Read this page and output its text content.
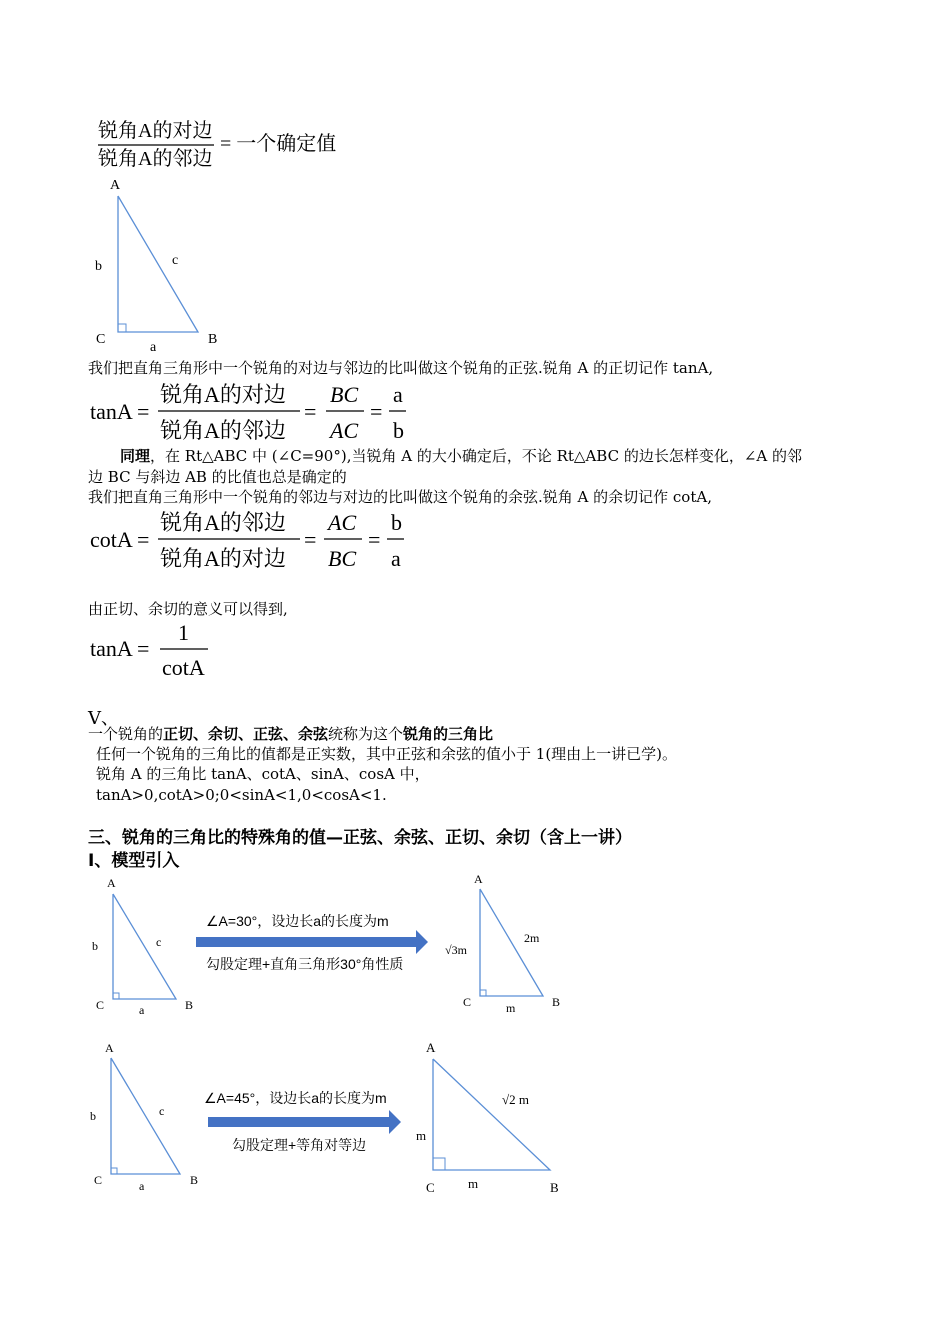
锐角A的对边
锐角A的邻边
= 一个确定值
A
b	c
C
a
B
我们把直角三角形中一个锐角的对边与邻边的比叫做这个锐角的正弦.锐角 A 的正切记作 tanA,
tanA =
锐角A的对边
锐角A的邻边
=
BC
AC
=
a
b
同理，在 Rt△ABC 中 (∠C=90°),当锐角 A 的大小确定后，不论 Rt△ABC 的边长怎样变化，∠A 的邻
边 BC 与斜边 AB 的比值也总是确定的
我们把直角三角形中一个锐角的邻边与对边的比叫做这个锐角的余弦.锐角 A 的余切记作 cotA,
cotA =
锐角A的邻边
锐角A的对边
=
AC
BC
=
b
a
由正切、余切的意义可以得到,
tanA =
1
cotA
V、
一个锐角的正切、余切、正弦、余弦统称为这个锐角的三角比
任何一个锐角的三角比的值都是正实数，其中正弦和余弦的值小于 1(理由上一讲已学)。
锐角 A 的三角比 tanA、cotA、sinA、cosA 中，
tanA>0,cotA>0;0<sinA<1,0<cosA<1.
三、锐角的三角比的特殊角的值—正弦、余弦、正切、余切（含上一讲）
Ⅰ、模型引入
A
b	c
C	a	B
∠A=30°，设边长a的长度为m
勾股定理+直角三角形30°角性质
A
√3m
2m
C	m	B
A
b	c
C	a	B
∠A=45°，设边长a的长度为m
勾股定理+等角对等边
A
m
√2 m
C	m	B
